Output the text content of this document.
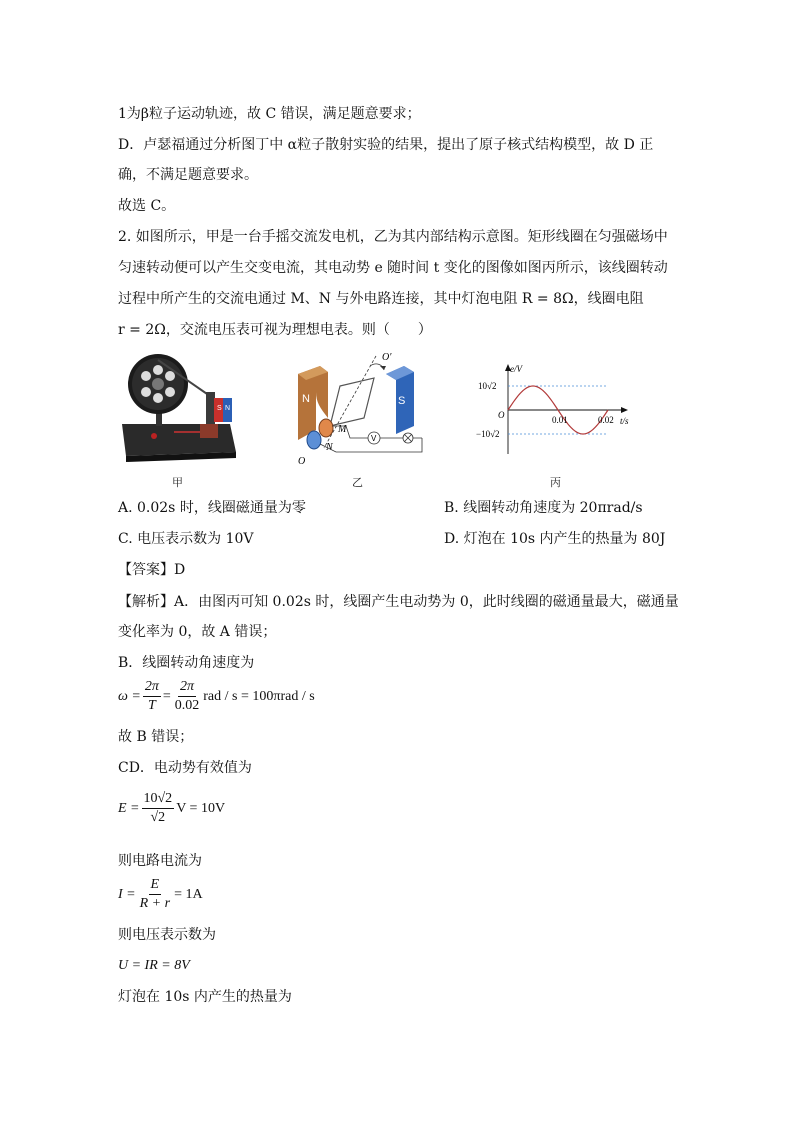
1为β粒子运动轨迹，故 C 错误，满足题意要求；
D．卢瑟福通过分析图丁中 α粒子散射实验的结果，提出了原子核式结构模型，故 D 正
确，不满足题意要求。
故选 C。
2. 如图所示，甲是一台手摇交流发电机，乙为其内部结构示意图。矩形线圈在匀强磁场中
匀速转动便可以产生交变电流，其电动势 e 随时间 t 变化的图像如图丙所示，该线圈转动
过程中所产生的交流电通过 M、N 与外电路连接，其中灯泡电阻 R = 8Ω，线圈电阻
r = 2Ω，交流电压表可视为理想电表。则（　　）
S N
甲
N	S
O′
O
M
N
V
乙
e/V
t/s
10√2
−10√2
O	0.01	0.02
丙
A. 0.02s 时，线圈磁通量为零	B. 线圈转动角速度为 20πrad/s
C. 电压表示数为 10V	D. 灯泡在 10s 内产生的热量为 80J
【答案】D
【解析】A．由图丙可知 0.02s 时，线圈产生电动势为 0，此时线圈的磁通量最大，磁通量
变化率为 0，故 A 错误；
B．线圈转动角速度为
$\omega = \frac{2\pi}{T} = \frac{2\pi}{0.02}$ rad / s = 100πrad / s
故 B 错误；
CD．电动势有效值为
$E = \frac{10√2}{√2}$ V = 10V
则电路电流为
$I = \frac{E}{R + r} = 1A$
则电压表示数为
U = IR = 8V
灯泡在 10s 内产生的热量为
